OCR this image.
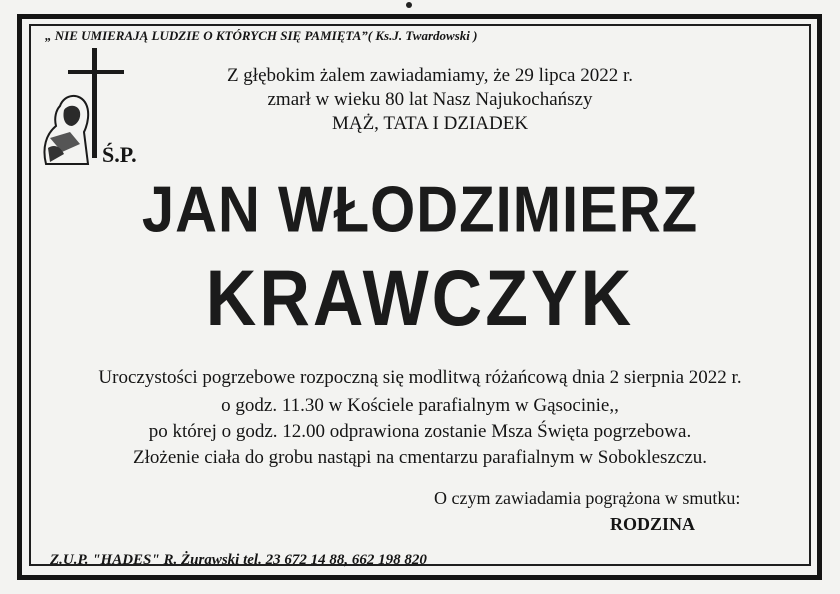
„ NIE UMIERAJĄ LUDZIE O KTÓRYCH SIĘ PAMIĘTA”( Ks.J. Twardowski )
Ś.P.
Z głębokim żalem zawiadamiamy, że 29 lipca 2022 r.
zmarł w wieku 80 lat Nasz Najukochańszy
MĄŻ, TATA I DZIADEK
JAN WŁODZIMIERZ
KRAWCZYK
Uroczystości pogrzebowe rozpoczną się modlitwą różańcową dnia 2 sierpnia 2022 r.
o godz. 11.30 w Kościele parafialnym w Gąsocinie,,
po której o godz. 12.00 odprawiona zostanie Msza Święta pogrzebowa.
Złożenie ciała do grobu nastąpi na cmentarzu parafialnym w Sobokleszczu.
O czym zawiadamia pogrążona w smutku:
RODZINA
Z.U.P. "HADES" R. Żurawski tel. 23 672 14 88, 662 198 820
